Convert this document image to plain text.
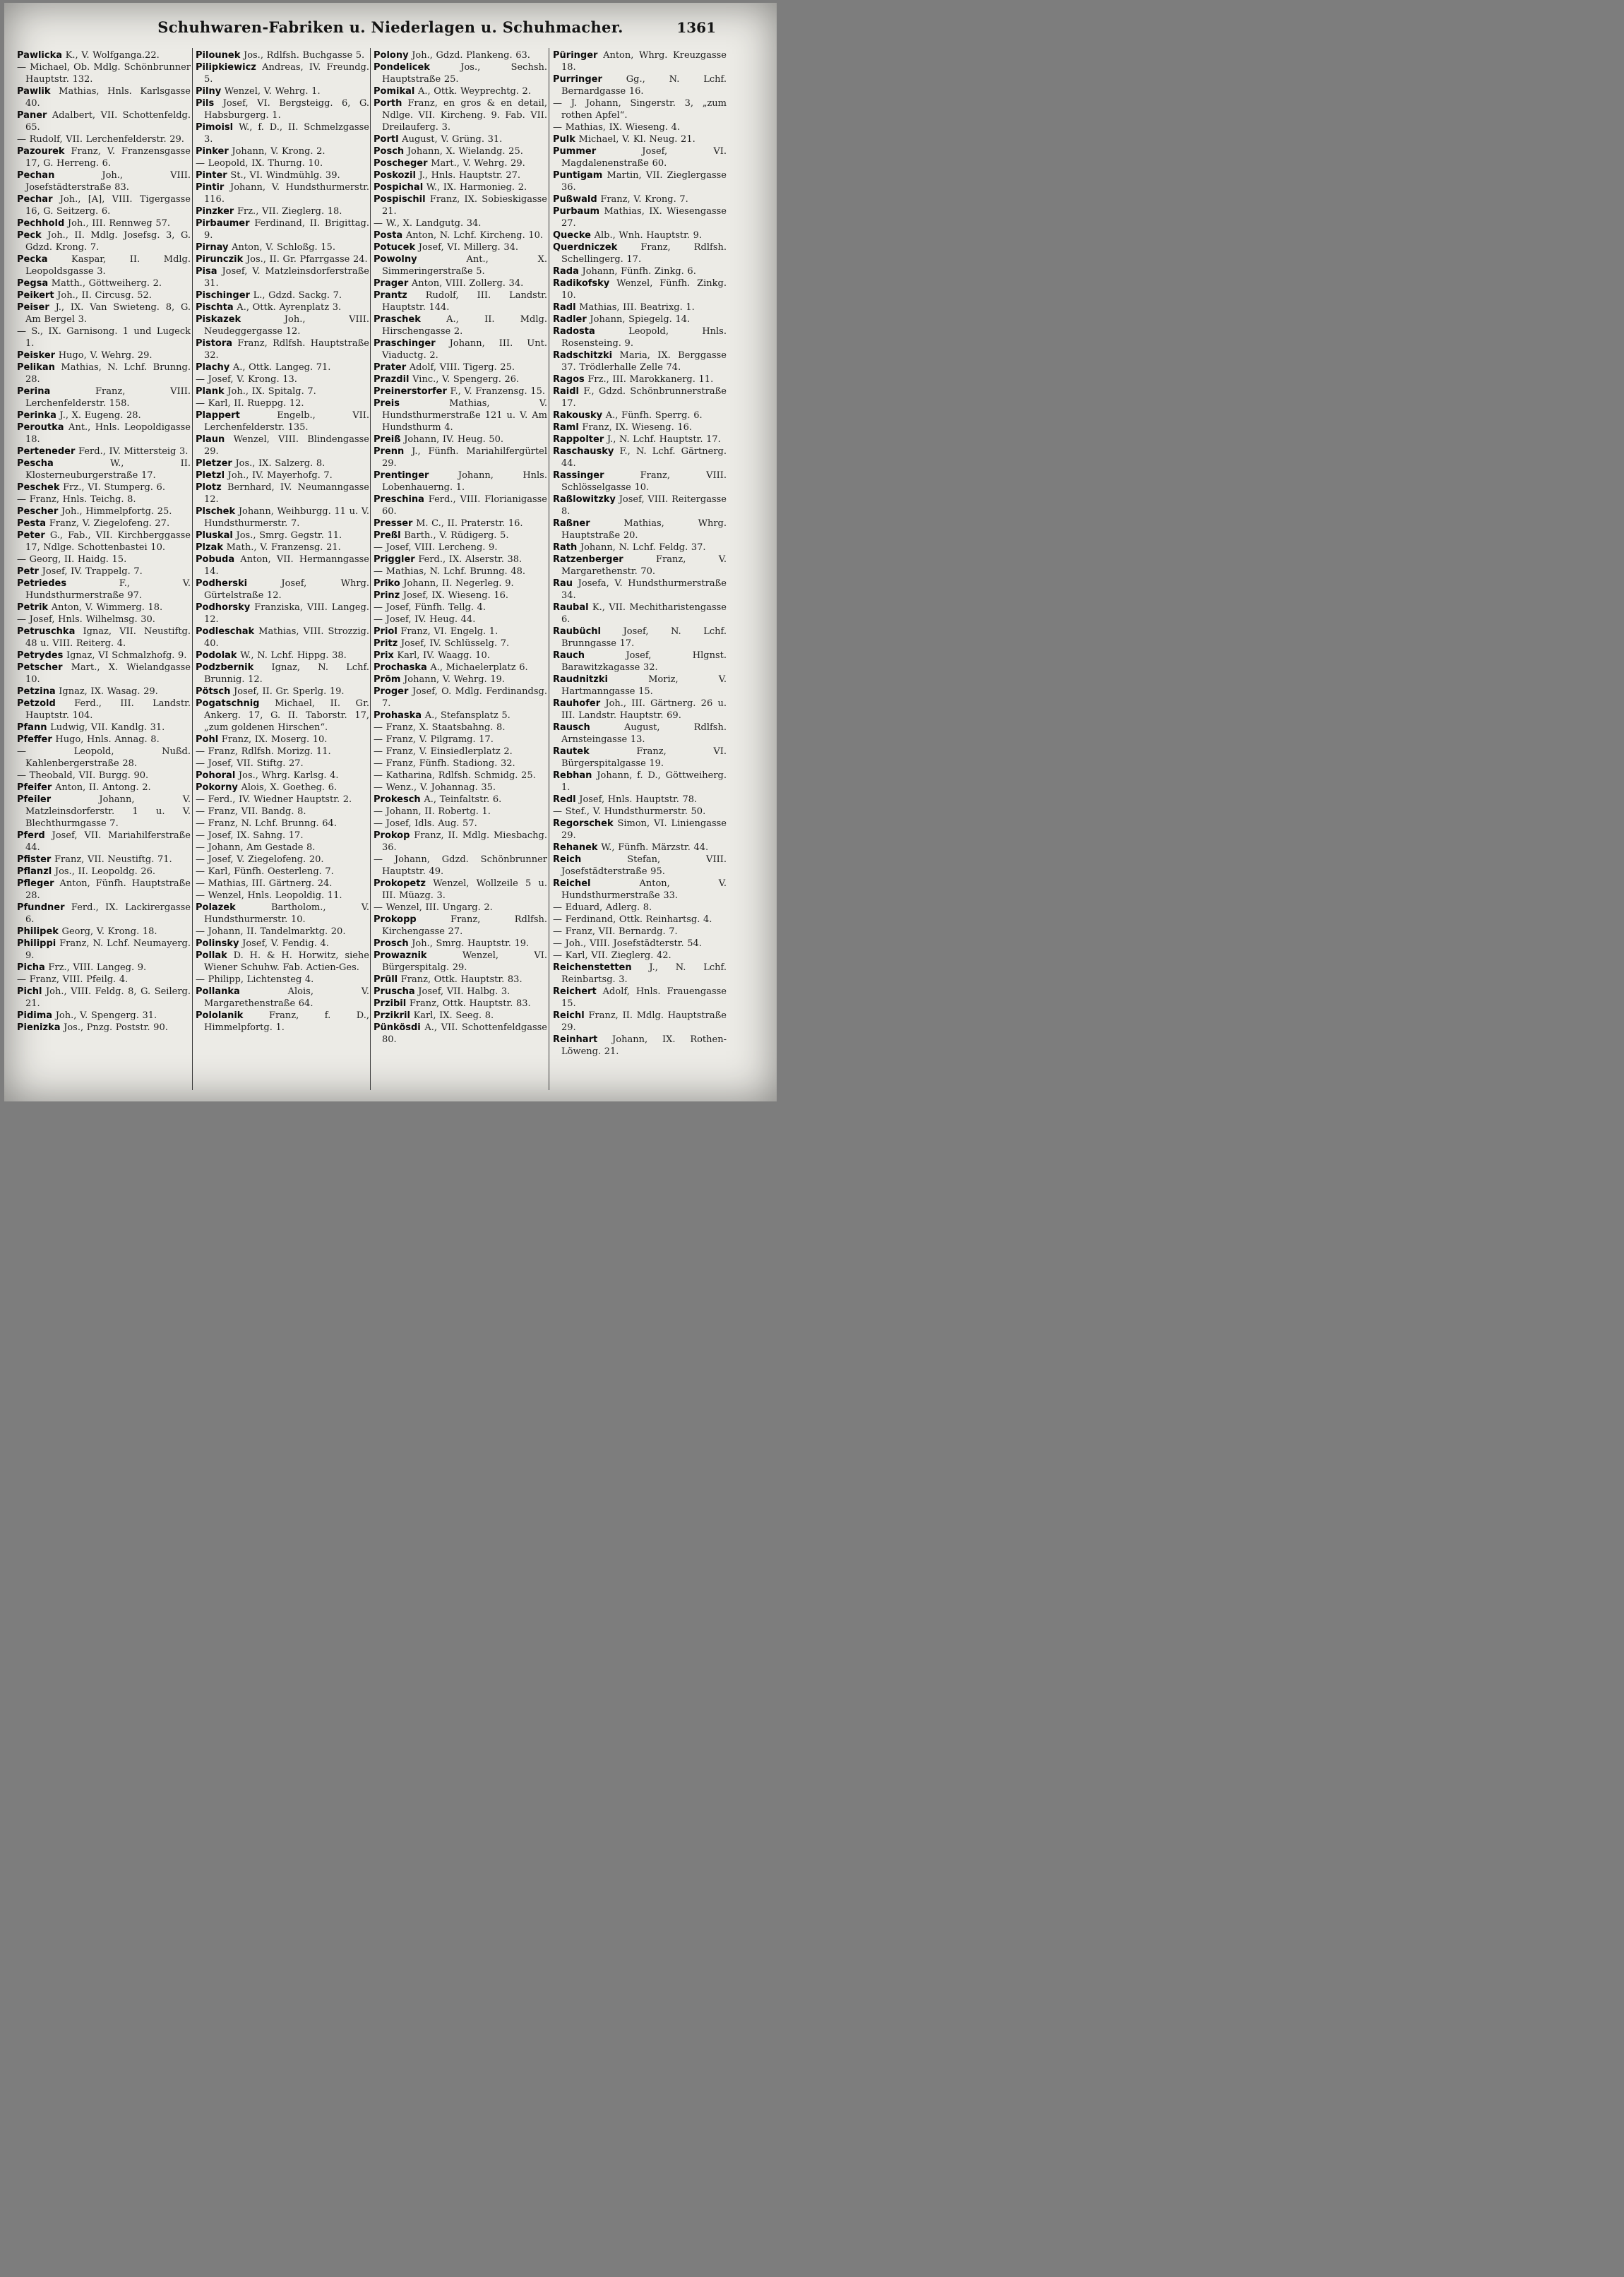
Schuhwaren-Fabriken u. Niederlagen u. Schuhmacher.	1361
Pawlicka K., V. Wolfganga.22.
— Michael, Ob. Mdlg. Schönbrunner Hauptstr. 132.
Pawlik Mathias, Hnls. Karlsgasse 40.
Paner Adalbert, VII. Schottenfeldg. 65.
— Rudolf, VII. Lerchenfelderstr. 29.
Pazourek Franz, V. Franzensgasse 17, G. Herreng. 6.
Pechan Joh., VIII. Josefstädterstraße 83.
Pechar Joh., [A], VIII. Tigergasse 16, G. Seitzerg. 6.
Pechhold Joh., III. Rennweg 57.
Peck Joh., II. Mdlg. Josefsg. 3, G. Gdzd. Krong. 7.
Pecka Kaspar, II. Mdlg. Leopoldsgasse 3.
Pegsa Matth., Göttweiherg. 2.
Peikert Joh., II. Circusg. 52.
Peiser J., IX. Van Swieteng. 8, G. Am Bergel 3.
— S., IX. Garnisong. 1 und Lugeck 1.
Peisker Hugo, V. Wehrg. 29.
Pelikan Mathias, N. Lchf. Brunng. 28.
Perina Franz, VIII. Lerchenfelderstr. 158.
Perinka J., X. Eugeng. 28.
Peroutka Ant., Hnls. Leopoldigasse 18.
Perteneder Ferd., IV. Mittersteig 3.
Pescha W., II. Klosterneuburgerstraße 17.
Peschek Frz., VI. Stumperg. 6.
— Franz, Hnls. Teichg. 8.
Pescher Joh., Himmelpfortg. 25.
Pesta Franz, V. Ziegelofeng. 27.
Peter G., Fab., VII. Kirchberggasse 17, Ndlge. Schottenbastei 10.
— Georg, II. Haidg. 15.
Petr Josef, IV. Trappelg. 7.
Petriedes F., V. Hundsthurmerstraße 97.
Petrik Anton, V. Wimmerg. 18.
— Josef, Hnls. Wilhelmsg. 30.
Petruschka Ignaz, VII. Neustiftg. 48 u. VIII. Reiterg. 4.
Petrydes Ignaz, VI Schmalzhofg. 9.
Petscher Mart., X. Wielandgasse 10.
Petzina Ignaz, IX. Wasag. 29.
Petzold Ferd., III. Landstr. Hauptstr. 104.
Pfann Ludwig, VII. Kandlg. 31.
Pfeffer Hugo, Hnls. Annag. 8.
— Leopold, Nußd. Kahlenbergerstraße 28.
— Theobald, VII. Burgg. 90.
Pfeifer Anton, II. Antong. 2.
Pfeiler Johann, V. Matzleinsdorferstr. 1 u. V. Blechthurmgasse 7.
Pferd Josef, VII. Mariahilferstraße 44.
Pfister Franz, VII. Neustiftg. 71.
Pflanzl Jos., II. Leopoldg. 26.
Pfleger Anton, Fünfh. Hauptstraße 28.
Pfundner Ferd., IX. Lackirergasse 6.
Philipek Georg, V. Krong. 18.
Philippi Franz, N. Lchf. Neumayerg. 9.
Picha Frz., VIII. Langeg. 9.
— Franz, VIII. Pfeilg. 4.
Pichl Joh., VIII. Feldg. 8, G. Seilerg. 21.
Pidima Joh., V. Spengerg. 31.
Pienizka Jos., Pnzg. Poststr. 90.
Pilounek Jos., Rdlfsh. Buchgasse 5.
Pilipkiewicz Andreas, IV. Freundg. 5.
Pilny Wenzel, V. Wehrg. 1.
Pils Josef, VI. Bergsteigg. 6, G. Habsburgerg. 1.
Pimoisl W., f. D., II. Schmelzgasse 3.
Pinker Johann, V. Krong. 2.
— Leopold, IX. Thurng. 10.
Pinter St., VI. Windmühlg. 39.
Pintir Johann, V. Hundsthurmerstr. 116.
Pinzker Frz., VII. Zieglerg. 18.
Pirbaumer Ferdinand, II. Brigittag. 9.
Pirnay Anton, V. Schloßg. 15.
Pirunczik Jos., II. Gr. Pfarrgasse 24.
Pisa Josef, V. Matzleinsdorferstraße 31.
Pischinger L., Gdzd. Sackg. 7.
Pischta A., Ottk. Ayrenplatz 3.
Piskazek Joh., VIII. Neudeggergasse 12.
Pistora Franz, Rdlfsh. Hauptstraße 32.
Plachy A., Ottk. Langeg. 71.
— Josef, V. Krong. 13.
Plank Joh., IX. Spitalg. 7.
— Karl, II. Rueppg. 12.
Plappert Engelb., VII. Lerchenfelderstr. 135.
Plaun Wenzel, VIII. Blindengasse 29.
Pletzer Jos., IX. Salzerg. 8.
Pletzl Joh., IV. Mayerhofg. 7.
Plotz Bernhard, IV. Neumanngasse 12.
Plschek Johann, Weihburgg. 11 u. V. Hundsthurmerstr. 7.
Pluskal Jos., Smrg. Gegstr. 11.
Plzak Math., V. Franzensg. 21.
Pobuda Anton, VII. Hermanngasse 14.
Podherski Josef, Whrg. Gürtelstraße 12.
Podhorsky Franziska, VIII. Langeg. 12.
Podleschak Mathias, VIII. Strozzig. 40.
Podolak W., N. Lchf. Hippg. 38.
Podzbernik Ignaz, N. Lchf. Brunnig. 12.
Pötsch Josef, II. Gr. Sperlg. 19.
Pogatschnig Michael, II. Gr. Ankerg. 17, G. II. Taborstr. 17, „zum goldenen Hirschen“.
Pohl Franz, IX. Moserg. 10.
— Franz, Rdlfsh. Morizg. 11.
— Josef, VII. Stiftg. 27.
Pohoral Jos., Whrg. Karlsg. 4.
Pokorny Alois, X. Goetheg. 6.
— Ferd., IV. Wiedner Hauptstr. 2.
— Franz, VII. Bandg. 8.
— Franz, N. Lchf. Brunng. 64.
— Josef, IX. Sahng. 17.
— Johann, Am Gestade 8.
— Josef, V. Ziegelofeng. 20.
— Karl, Fünfh. Oesterleng. 7.
— Mathias, III. Gärtnerg. 24.
— Wenzel, Hnls. Leopoldig. 11.
Polazek Bartholom., V. Hundsthurmerstr. 10.
— Johann, II. Tandelmarktg. 20.
Polinsky Josef, V. Fendig. 4.
Pollak D. H. & H. Horwitz, siehe Wiener Schuhw. Fab. Actien-Ges.
— Philipp, Lichtensteg 4.
Pollanka Alois, V. Margarethenstraße 64.
Pololanik Franz, f. D., Himmelpfortg. 1.
Polony Joh., Gdzd. Plankeng. 63.
Pondelicek Jos., Sechsh. Hauptstraße 25.
Pomikal A., Ottk. Weyprechtg. 2.
Porth Franz, en gros & en detail, Ndlge. VII. Kircheng. 9. Fab. VII. Dreilauferg. 3.
Portl August, V. Grüng. 31.
Posch Johann, X. Wielandg. 25.
Poscheger Mart., V. Wehrg. 29.
Poskozil J., Hnls. Hauptstr. 27.
Pospichal W., IX. Harmonieg. 2.
Pospischil Franz, IX. Sobieskigasse 21.
— W., X. Landgutg. 34.
Posta Anton, N. Lchf. Kircheng. 10.
Potucek Josef, VI. Millerg. 34.
Powolny Ant., X. Simmeringerstraße 5.
Prager Anton, VIII. Zollerg. 34.
Prantz Rudolf, III. Landstr. Hauptstr. 144.
Praschek A., II. Mdlg. Hirschengasse 2.
Praschinger Johann, III. Unt. Viaductg. 2.
Prater Adolf, VIII. Tigerg. 25.
Prazdil Vinc., V. Spengerg. 26.
Preinerstorfer F., V. Franzensg. 15.
Preis Mathias, V. Hundsthurmerstraße 121 u. V. Am Hundsthurm 4.
Preiß Johann, IV. Heug. 50.
Prenn J., Fünfh. Mariahilfergürtel 29.
Prentinger Johann, Hnls. Lobenhauerng. 1.
Preschina Ferd., VIII. Florianigasse 60.
Presser M. C., II. Praterstr. 16.
Preßl Barth., V. Rüdigerg. 5.
— Josef, VIII. Lercheng. 9.
Priggler Ferd., IX. Alserstr. 38.
— Mathias, N. Lchf. Brunng. 48.
Priko Johann, II. Negerleg. 9.
Prinz Josef, IX. Wieseng. 16.
— Josef, Fünfh. Tellg. 4.
— Josef, IV. Heug. 44.
Priol Franz, VI. Engelg. 1.
Pritz Josef, IV. Schlüsselg. 7.
Prix Karl, IV. Waagg. 10.
Prochaska A., Michaelerplatz 6.
Pröm Johann, V. Wehrg. 19.
Proger Josef, O. Mdlg. Ferdinandsg. 7.
Prohaska A., Stefansplatz 5.
— Franz, X. Staatsbahng. 8.
— Franz, V. Pilgramg. 17.
— Franz, V. Einsiedlerplatz 2.
— Franz, Fünfh. Stadiong. 32.
— Katharina, Rdlfsh. Schmidg. 25.
— Wenz., V. Johannag. 35.
Prokesch A., Teinfaltstr. 6.
— Johann, II. Robertg. 1.
— Josef, Idls. Aug. 57.
Prokop Franz, II. Mdlg. Miesbachg. 36.
— Johann, Gdzd. Schönbrunner Hauptstr. 49.
Prokopetz Wenzel, Wollzeile 5 u. III. Müazg. 3.
— Wenzel, III. Ungarg. 2.
Prokopp Franz, Rdlfsh. Kirchengasse 27.
Prosch Joh., Smrg. Hauptstr. 19.
Prowaznik Wenzel, VI. Bürgerspitalg. 29.
Prüll Franz, Ottk. Hauptstr. 83.
Pruscha Josef, VII. Halbg. 3.
Przibil Franz, Ottk. Hauptstr. 83.
Przikril Karl, IX. Seeg. 8.
Pünkösdi A., VII. Schottenfeldgasse 80.
Püringer Anton, Whrg. Kreuzgasse 18.
Purringer Gg., N. Lchf. Bernardgasse 16.
— J. Johann, Singerstr. 3, „zum rothen Apfel“.
— Mathias, IX. Wieseng. 4.
Pulk Michael, V. Kl. Neug. 21.
Pummer Josef, VI. Magdalenenstraße 60.
Puntigam Martin, VII. Zieglergasse 36.
Pußwald Franz, V. Krong. 7.
Purbaum Mathias, IX. Wiesengasse 27.
Quecke Alb., Wnh. Hauptstr. 9.
Querdniczek Franz, Rdlfsh. Schellingerg. 17.
Rada Johann, Fünfh. Zinkg. 6.
Radikofsky Wenzel, Fünfh. Zinkg. 10.
Radl Mathias, III. Beatrixg. 1.
Radler Johann, Spiegelg. 14.
Radosta Leopold, Hnls. Rosensteing. 9.
Radschitzki Maria, IX. Berggasse 37. Trödlerhalle Zelle 74.
Ragos Frz., III. Marokkanerg. 11.
Raidl F., Gdzd. Schönbrunnerstraße 17.
Rakousky A., Fünfh. Sperrg. 6.
Raml Franz, IX. Wieseng. 16.
Rappolter J., N. Lchf. Hauptstr. 17.
Raschausky F., N. Lchf. Gärtnerg. 44.
Rassinger Franz, VIII. Schlösselgasse 10.
Raßlowitzky Josef, VIII. Reitergasse 8.
Raßner Mathias, Whrg. Hauptstraße 20.
Rath Johann, N. Lchf. Feldg. 37.
Ratzenberger Franz, V. Margarethenstr. 70.
Rau Josefa, V. Hundsthurmerstraße 34.
Raubal K., VII. Mechitharistengasse 6.
Raubüchl Josef, N. Lchf. Brunngasse 17.
Rauch Josef, Hlgnst. Barawitzkagasse 32.
Raudnitzki Moriz, V. Hartmanngasse 15.
Rauhofer Joh., III. Gärtnerg. 26 u. III. Landstr. Hauptstr. 69.
Rausch August, Rdlfsh. Arnsteingasse 13.
Rautek Franz, VI. Bürgerspitalgasse 19.
Rebhan Johann, f. D., Göttweiherg. 1.
Redl Josef, Hnls. Hauptstr. 78.
— Stef., V. Hundsthurmerstr. 50.
Regorschek Simon, VI. Liniengasse 29.
Rehanek W., Fünfh. Märzstr. 44.
Reich Stefan, VIII. Josefstädterstraße 95.
Reichel Anton, V. Hundsthurmerstraße 33.
— Eduard, Adlerg. 8.
— Ferdinand, Ottk. Reinhartsg. 4.
— Franz, VII. Bernardg. 7.
— Joh., VIII. Josefstädterstr. 54.
— Karl, VII. Zieglerg. 42.
Reichenstetten J., N. Lchf. Reinbartsg. 3.
Reichert Adolf, Hnls. Frauengasse 15.
Reichl Franz, II. Mdlg. Hauptstraße 29.
Reinhart Johann, IX. Rothen-Löweng. 21.
